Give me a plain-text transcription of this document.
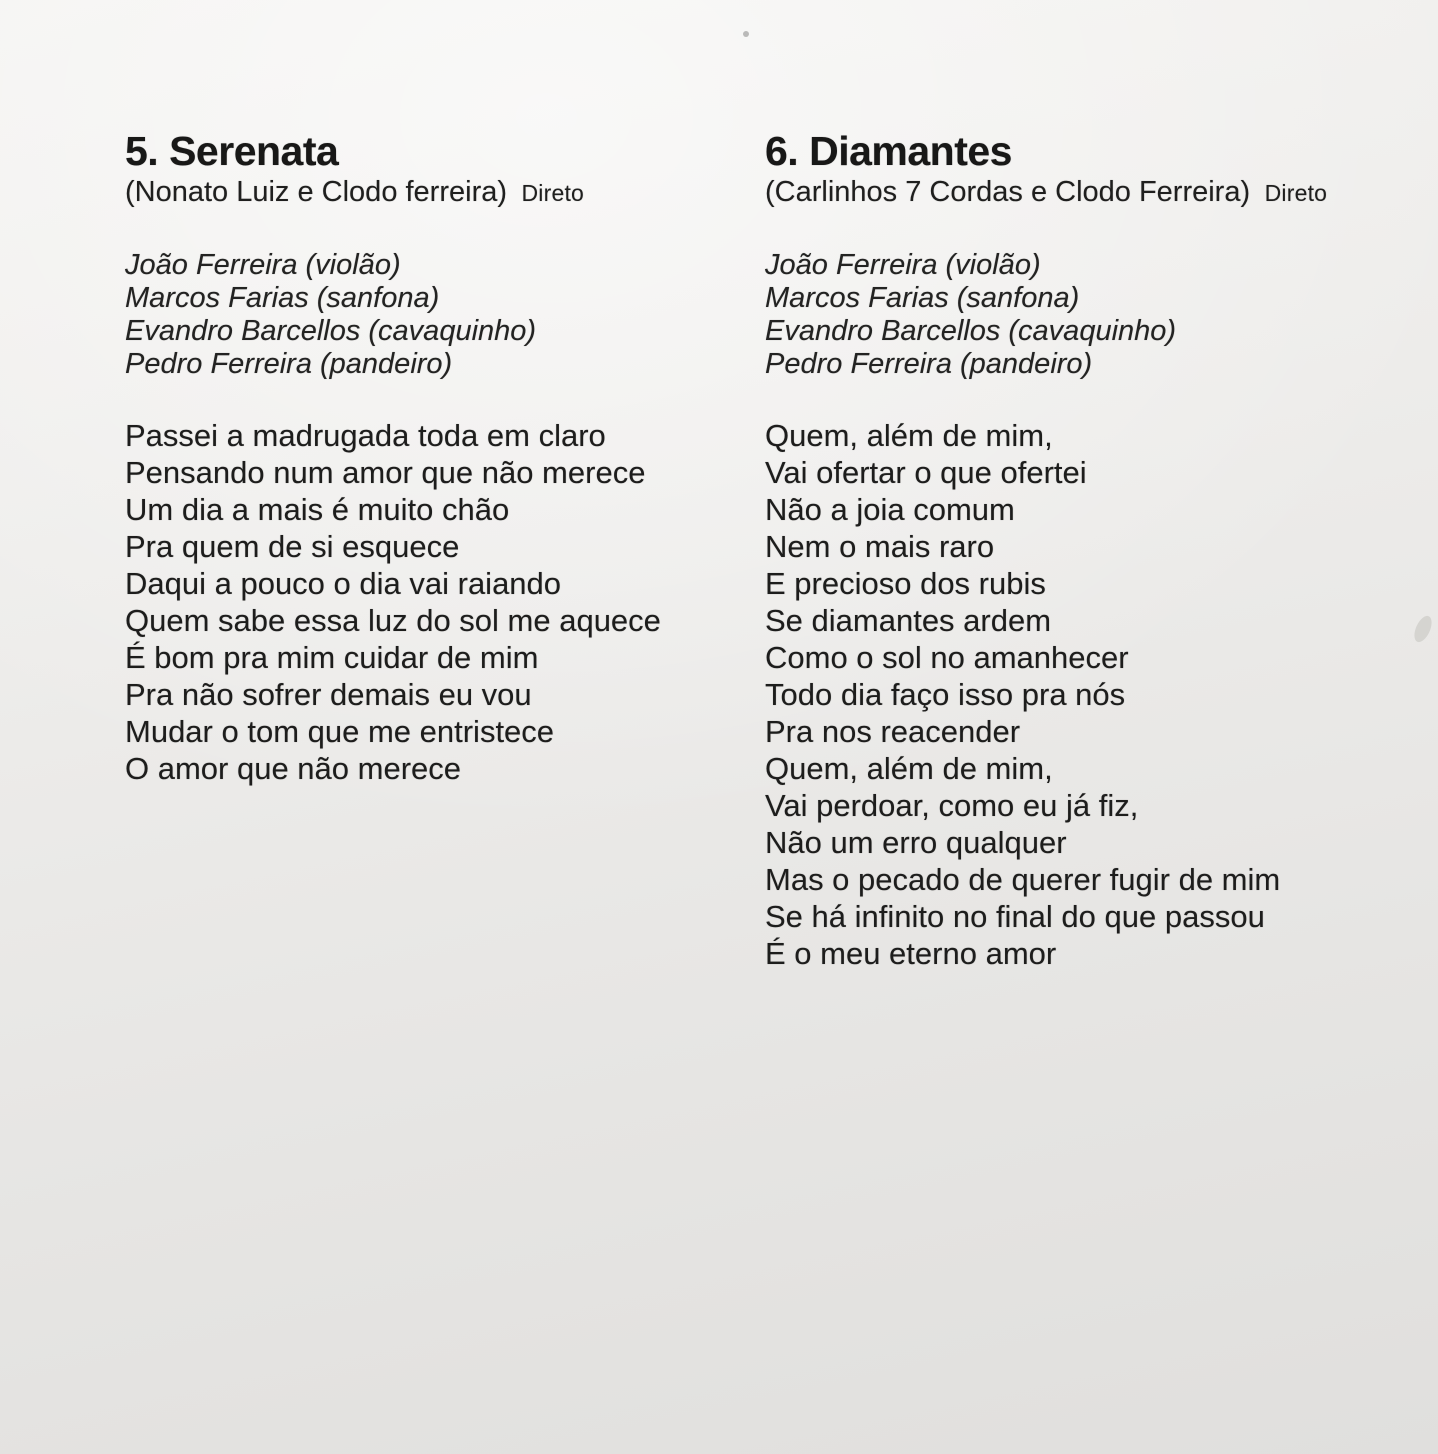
5. Serenata
(Nonato Luiz e Clodo ferreira) Direto
João Ferreira (violão)
Marcos Farias (sanfona)
Evandro Barcellos (cavaquinho)
Pedro Ferreira (pandeiro)
Passei a madrugada toda em claro
Pensando num amor que não merece
Um dia a mais é muito chão
Pra quem de si esquece
Daqui a pouco o dia vai raiando
Quem sabe essa luz do sol me aquece
É bom pra mim cuidar de mim
Pra não sofrer demais eu vou
Mudar o tom que me entristece
O amor que não merece
6. Diamantes
(Carlinhos 7 Cordas e Clodo Ferreira) Direto
João Ferreira (violão)
Marcos Farias (sanfona)
Evandro Barcellos (cavaquinho)
Pedro Ferreira (pandeiro)
Quem, além de mim,
Vai ofertar o que ofertei
Não a joia comum
Nem o mais raro
E precioso dos rubis
Se diamantes ardem
Como o sol no amanhecer
Todo dia faço isso pra nós
Pra nos reacender
Quem, além de mim,
Vai perdoar, como eu já fiz,
Não um erro qualquer
Mas o pecado de querer fugir de mim
Se há infinito no final do que passou
É o meu eterno amor
